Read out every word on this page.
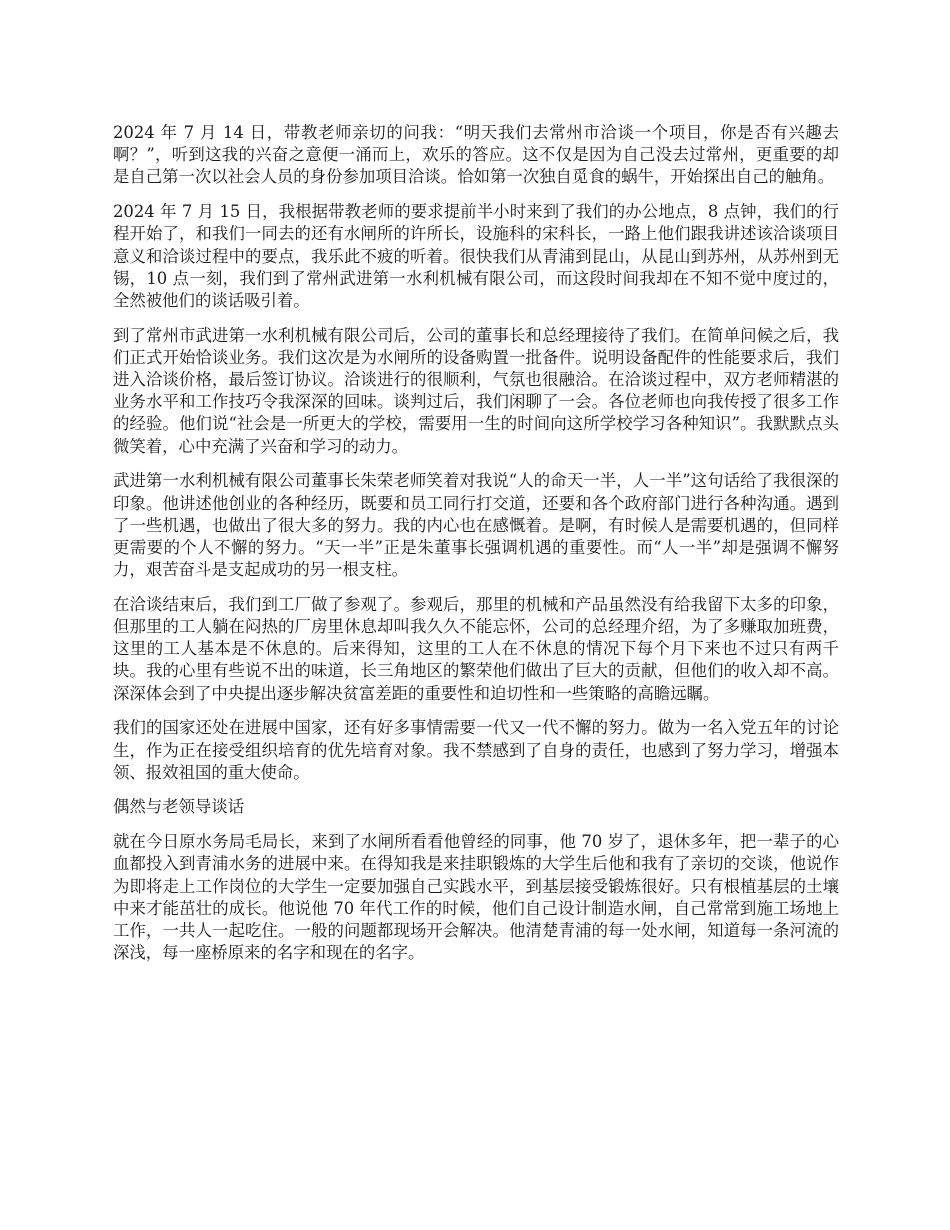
2024 年 7 月 14 日，带教老师亲切的问我：“明天我们去常州市洽谈一个项目，你是否有兴趣去啊？”，听到这我的兴奋之意便一涌而上，欢乐的答应。这不仅是因为自己没去过常州，更重要的却是自己第一次以社会人员的身份参加项目洽谈。恰如第一次独自觅食的蜗牛，开始探出自己的触角。

2024 年 7 月 15 日，我根据带教老师的要求提前半小时来到了我们的办公地点，8 点钟，我们的行程开始了，和我们一同去的还有水闸所的许所长，设施科的宋科长，一路上他们跟我讲述该洽谈项目意义和洽谈过程中的要点，我乐此不疲的听着。很快我们从青浦到昆山，从昆山到苏州，从苏州到无锡，10 点一刻，我们到了常州武进第一水利机械有限公司，而这段时间我却在不知不觉中度过的，全然被他们的谈话吸引着。

到了常州市武进第一水利机械有限公司后，公司的董事长和总经理接待了我们。在简单问候之后，我们正式开始恰谈业务。我们这次是为水闸所的设备购置一批备件。说明设备配件的性能要求后，我们进入洽谈价格，最后签订协议。洽谈进行的很顺利，气氛也很融洽。在洽谈过程中，双方老师精湛的业务水平和工作技巧令我深深的回味。谈判过后，我们闲聊了一会。各位老师也向我传授了很多工作的经验。他们说“社会是一所更大的学校，需要用一生的时间向这所学校学习各种知识”。我默默点头微笑着，心中充满了兴奋和学习的动力。

武进第一水利机械有限公司董事长朱荣老师笑着对我说“人的命天一半，人一半”这句话给了我很深的印象。他讲述他创业的各种经历，既要和员工同行打交道，还要和各个政府部门进行各种沟通。遇到了一些机遇，也做出了很大多的努力。我的内心也在感慨着。是啊，有时候人是需要机遇的，但同样更需要的个人不懈的努力。“天一半”正是朱董事长强调机遇的重要性。而“人一半”却是强调不懈努力，艰苦奋斗是支起成功的另一根支柱。

在洽谈结束后，我们到工厂做了参观了。参观后，那里的机械和产品虽然没有给我留下太多的印象，但那里的工人躺在闷热的厂房里休息却叫我久久不能忘怀，公司的总经理介绍，为了多赚取加班费，这里的工人基本是不休息的。后来得知，这里的工人在不休息的情况下每个月下来也不过只有两千块。我的心里有些说不出的味道，长三角地区的繁荣他们做出了巨大的贡献，但他们的收入却不高。深深体会到了中央提出逐步解决贫富差距的重要性和迫切性和一些策略的高瞻远瞩。

我们的国家还处在进展中国家，还有好多事情需要一代又一代不懈的努力。做为一名入党五年的讨论生，作为正在接受组织培育的优先培育对象。我不禁感到了自身的责任，也感到了努力学习，增强本领、报效祖国的重大使命。

偶然与老领导谈话

就在今日原水务局毛局长，来到了水闸所看看他曾经的同事，他 70 岁了，退休多年，把一辈子的心血都投入到青浦水务的进展中来。在得知我是来挂职锻炼的大学生后他和我有了亲切的交谈，他说作为即将走上工作岗位的大学生一定要加强自己实践水平，到基层接受锻炼很好。只有根植基层的土壤中来才能茁壮的成长。他说他 70 年代工作的时候，他们自己设计制造水闸，自己常常到施工场地上工作，一共人一起吃住。一般的问题都现场开会解决。他清楚青浦的每一处水闸，知道每一条河流的深浅，每一座桥原来的名字和现在的名字。
